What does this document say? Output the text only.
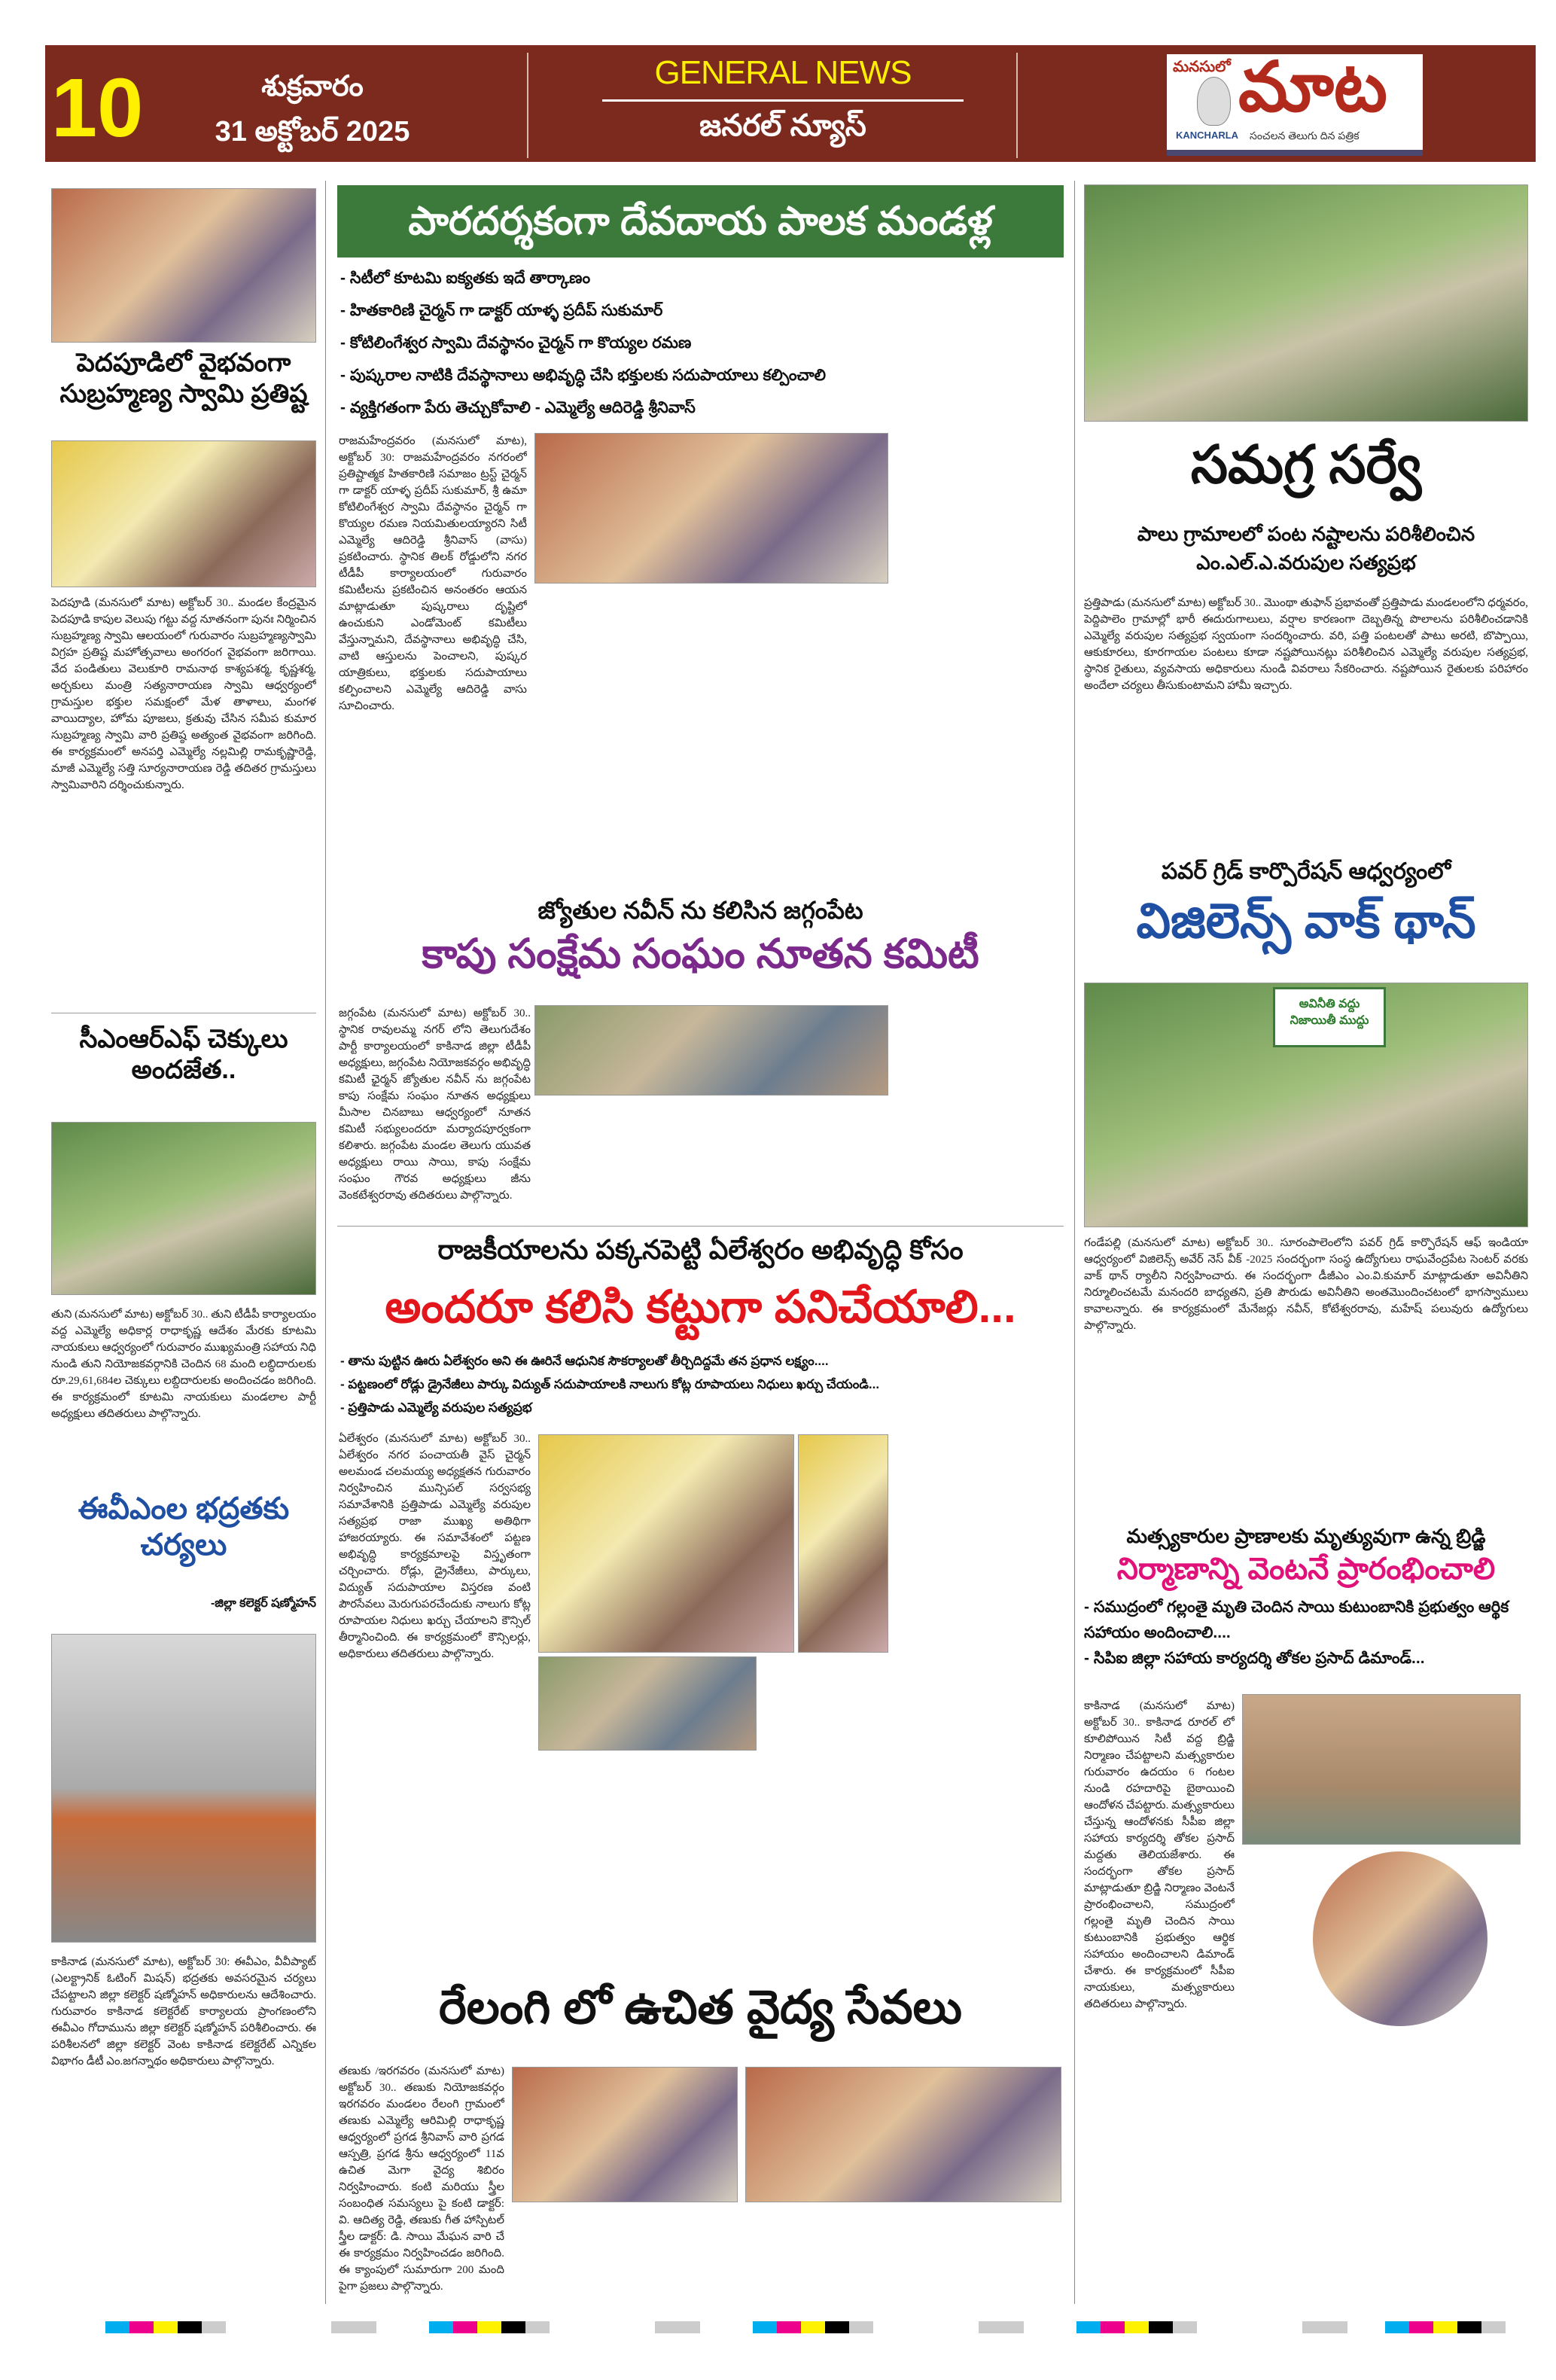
10	శుక్రవారం
31 అక్టోబర్ 2025
GENERAL NEWS
జనరల్ న్యూస్
మనసులో మాట
KANCHARLA సంచలన తెలుగు దిన పత్రిక
పెదపూడిలో వైభవంగా సుబ్రహ్మణ్య స్వామి ప్రతిష్ట
పెదపూడి (మనసులో మాట) అక్టోబర్ 30.. మండల కేంద్రమైన పెదపూడి కాపుల వెలుపు గట్టు వద్ద నూతనంగా పునః నిర్మించిన సుబ్రహ్మణ్య స్వామి ఆలయంలో గురువారం సుబ్రహ్మణ్యస్వామి విగ్రహ ప్రతిష్ట మహోత్సవాలు అంగరంగ వైభవంగా జరిగాయి. వేద పండితులు వెలుకూరి రామనాథ కాశ్యపశర్మ, కృష్ణశర్మ, అర్చకులు మంత్రి సత్యనారాయణ స్వామి ఆధ్వర్యంలో గ్రామస్తుల భక్తుల సమక్షంలో మేళ తాళాలు, మంగళ వాయిద్యాల, హోమ పూజలు, క్రతువు చేసిన సమీప కుమార సుబ్రహ్మణ్య స్వామి వారి ప్రతిష్ఠ అత్యంత వైభవంగా జరిగింది. ఈ కార్యక్రమంలో అనపర్తి ఎమ్మెల్యే నల్లమిల్లి రామకృష్ణారెడ్డి, మాజీ ఎమ్మెల్యే సత్తి సూర్యనారాయణ రెడ్డి తదితర గ్రామస్తులు స్వామివారిని దర్శించుకున్నారు.
సీఎంఆర్ఎఫ్ చెక్కులు అందజేత..
తుని (మనసులో మాట) అక్టోబర్ 30.. తుని టీడీపీ కార్యాలయం వద్ద ఎమ్మెల్యే అధికార్ల రాధాకృష్ణ ఆదేశం మేరకు కూటమి నాయకులు ఆధ్వర్యంలో గురువారం ముఖ్యమంత్రి సహాయ నిధి నుండి తుని నియోజకవర్గానికి చెందిన 68 మంది లబ్ధిదారులకు రూ.29,61,684ల చెక్కులు లబ్దిదారులకు అందించడం జరిగింది. ఈ కార్యక్రమంలో కూటమి నాయకులు మండలాల పార్టీ అధ్యక్షులు తదితరులు పాల్గొన్నారు.
ఈవీఎంల భద్రతకు చర్యలు
-జిల్లా కలెక్టర్ షణ్మోహన్
కాకినాడ (మనసులో మాట), అక్టోబర్ 30: ఈవీఎం, వీవీప్యాట్ (ఎలక్ట్రానిక్ ఓటింగ్ మిషన్) భద్రతకు అవసరమైన చర్యలు చేపట్టాలని జిల్లా కలెక్టర్ షణ్మోహన్ అధికారులను ఆదేశించారు. గురువారం కాకినాడ కలెక్టరేట్ కార్యాలయ ప్రాంగణంలోని ఈవీఎం గోదామును జిల్లా కలెక్టర్ షణ్మోహన్ పరిశీలించారు. ఈ పరిశీలనలో జిల్లా కలెక్టర్ వెంట కాకినాడ కలెక్టరేట్ ఎన్నికల విభాగం డీటీ ఎం.జగన్నాథం అధికారులు పాల్గొన్నారు.
పారదర్శకంగా దేవదాయ పాలక మండళ్ల కమిటీలు
- సిటీలో కూటమి ఐక్యతకు ఇదే తార్కాణం
- హితకారిణి చైర్మన్ గా డాక్టర్ యాళ్ళ ప్రదీప్ సుకుమార్
- కోటిలింగేశ్వర స్వామి దేవస్థానం చైర్మన్ గా కొయ్యల రమణ
- పుష్కరాల నాటికి దేవస్థానాలు అభివృద్ధి చేసి భక్తులకు సదుపాయాలు కల్పించాలి
- వ్యక్తిగతంగా పేరు తెచ్చుకోవాలి - ఎమ్మెల్యే ఆదిరెడ్డి శ్రీనివాస్
రాజమహేంద్రవరం (మనసులో మాట), అక్టోబర్ 30: రాజమహేంద్రవరం నగరంలో ప్రతిష్టాత్మక హితకారిణి సమాజం ట్రస్ట్ చైర్మన్ గా డాక్టర్ యాళ్ళ ప్రదీప్ సుకుమార్, శ్రీ ఉమా కోటిలింగేశ్వర స్వామి దేవస్థానం చైర్మన్ గా కొయ్యల రమణ నియమితులయ్యారని సిటీ ఎమ్మెల్యే ఆదిరెడ్డి శ్రీనివాస్ (వాసు) ప్రకటించారు. స్థానిక తిలక్ రోడ్డులోని నగర టీడీపీ కార్యాలయంలో గురువారం కమిటీలను ప్రకటించిన అనంతరం ఆయన మాట్లాడుతూ పుష్కరాలు దృష్టిలో ఉంచుకుని ఎండోమెంట్ కమిటీలు వేస్తున్నామని, దేవస్థానాలు అభివృద్ధి చేసి, వాటి ఆస్తులను పెంచాలని, పుష్కర యాత్రికులు, భక్తులకు సదుపాయాలు కల్పించాలని ఎమ్మెల్యే ఆదిరెడ్డి వాసు సూచించారు.
జ్యోతుల నవీన్ ను కలిసిన జగ్గంపేట
కాపు సంక్షేమ సంఘం నూతన కమిటీ
జగ్గంపేట (మనసులో మాట) అక్టోబర్ 30.. స్థానిక రావులమ్మ నగర్ లోని తెలుగుదేశం పార్టీ కార్యాలయంలో కాకినాడ జిల్లా టీడీపీ అధ్యక్షులు, జగ్గంపేట నియోజకవర్గం అభివృద్ధి కమిటీ ఛైర్మన్ జ్యోతుల నవీన్ ను జగ్గంపేట కాపు సంక్షేమ సంఘం నూతన అధ్యక్షులు మీసాల చినబాబు ఆధ్వర్యంలో నూతన కమిటీ సభ్యులందరూ మర్యాదపూర్వకంగా కలిశారు. జగ్గంపేట మండల తెలుగు యువత అధ్యక్షులు రాయి సాయి, కాపు సంక్షేమ సంఘం గౌరవ అధ్యక్షులు జీను వెంకటేశ్వరరావు తదితరులు పాల్గొన్నారు.
రాజకీయాలను పక్కనపెట్టి ఏలేశ్వరం అభివృద్ధి కోసం
అందరూ కలిసి కట్టుగా పనిచేయాలి...
- తాను పుట్టిన ఊరు ఏలేశ్వరం అని ఈ ఊరినే ఆధునిక సౌకర్యాలతో తీర్చిదిద్దమే తన ప్రధాన లక్ష్యం....
- పట్టణంలో రోడ్లు డ్రైనేజీలు పార్కు విద్యుత్ సదుపాయాలకి నాలుగు కోట్ల రూపాయలు నిధులు ఖర్చు చేయండి...
- ప్రత్తిపాడు ఎమ్మెల్యే వరుపుల సత్యప్రభ
ఏలేశ్వరం (మనసులో మాట) అక్టోబర్ 30.. ఏలేశ్వరం నగర పంచాయతీ వైస్ చైర్మన్ అలమండ చలమయ్య అధ్యక్షతన గురువారం నిర్వహించిన మున్సిపల్ సర్వసభ్య సమావేశానికి ప్రత్తిపాడు ఎమ్మెల్యే వరుపుల సత్యప్రభ రాజా ముఖ్య అతిథిగా హాజరయ్యారు. ఈ సమావేశంలో పట్టణ అభివృద్ధి కార్యక్రమాలపై విస్తృతంగా చర్చించారు. రోడ్లు, డ్రైనేజీలు, పార్కులు, విద్యుత్ సదుపాయాల విస్తరణ వంటి పౌరసేవలు మెరుగుపరచేందుకు నాలుగు కోట్ల రూపాయల నిధులు ఖర్చు చేయాలని కౌన్సిల్ తీర్మానించింది. ఈ కార్యక్రమంలో కౌన్సిలర్లు, అధికారులు తదితరులు పాల్గొన్నారు.
రేలంగి లో ఉచిత వైద్య సేవలు
తణుకు /ఇరగవరం (మనసులో మాట) అక్టోబర్ 30.. తణుకు నియోజకవర్గం ఇరగవరం మండలం రేలంగి గ్రామంలో తణుకు ఎమ్మెల్యే ఆరిమిల్లి రాధాకృష్ణ ఆధ్వర్యంలో ప్రగడ శ్రీనివాస్ వారి ప్రగడ ఆస్పత్రి, ప్రగడ శ్రీను ఆధ్వర్యంలో 11వ ఉచిత మెగా వైద్య శిబిరం నిర్వహించారు. కంటి మరియు స్త్రీల సంబంధిత సమస్యలు పై కంటి డాక్టర్: వి. ఆదిత్య రెడ్డి, తణుకు గీత హాస్పిటల్ స్త్రీల డాక్టర్: డి. సాయి మేఘన వారి చే ఈ కార్యక్రమం నిర్వహించడం జరిగింది. ఈ క్యాంపులో సుమారుగా 200 మంది పైగా ప్రజలు పాల్గొన్నారు.
సమగ్ర సర్వే
పాలు గ్రామాలలో పంట నష్టాలను పరిశీలించిన ఎం.ఎల్.ఎ.వరుపుల సత్యప్రభ
ప్రత్తిపాడు (మనసులో మాట) అక్టోబర్ 30.. మొంథా తుఫాన్ ప్రభావంతో ప్రత్తిపాడు మండలంలోని ధర్మవరం, పెద్దిపాలెం గ్రామాల్లో భారీ ఈదురుగాలులు, వర్షాల కారణంగా దెబ్బతిన్న పొలాలను పరిశీలించడానికి ఎమ్మెల్యే వరుపుల సత్యప్రభ స్వయంగా సందర్శించారు. వరి, పత్తి పంటలతో పాటు అరటి, బొప్పాయి, ఆకుకూరలు, కూరగాయల పంటలు కూడా నష్టపోయినట్లు పరిశీలించిన ఎమ్మెల్యే వరుపుల సత్యప్రభ, స్థానిక రైతులు, వ్యవసాయ అధికారులు నుండి వివరాలు సేకరించారు. నష్టపోయిన రైతులకు పరిహారం అందేలా చర్యలు తీసుకుంటామని హామీ ఇచ్చారు.
పవర్ గ్రిడ్ కార్పొరేషన్ ఆధ్వర్యంలో
విజిలెన్స్ వాక్ థాన్
అవినీతి వద్దు నిజాయితీ ముద్దు
గండేపల్లి (మనసులో మాట) అక్టోబర్ 30.. సూరంపాలెంలోని పవర్ గ్రిడ్ కార్పొరేషన్ ఆఫ్ ఇండియా ఆధ్వర్యంలో విజిలెన్స్ అవేర్ నెస్ వీక్ -2025 సందర్భంగా సంస్థ ఉద్యోగులు రాఘవేంద్రపేట సెంటర్ వరకు వాక్ థాన్ ర్యాలీని నిర్వహించారు. ఈ సందర్భంగా డీజీఎం ఎం.వి.కుమార్ మాట్లాడుతూ అవినీతిని నిర్మూలించటమే మనందరి బాధ్యతని, ప్రతి పౌరుడు అవినీతిని అంతమొందించటంలో భాగస్వాములు కావాలన్నారు. ఈ కార్యక్రమంలో మేనేజర్లు నవీన్, కోటేశ్వరరావు, మహేష్ పలువురు ఉద్యోగులు పాల్గొన్నారు.
మత్స్యకారుల ప్రాణాలకు మృత్యువుగా ఉన్న బ్రిడ్జి
నిర్మాణాన్ని వెంటనే ప్రారంభించాలి
- సముద్రంలో గల్లంతై మృతి చెందిన సాయి కుటుంబానికి ప్రభుత్వం ఆర్థిక సహాయం అందించాలి....
- సిపిఐ జిల్లా సహాయ కార్యదర్శి తోకల ప్రసాద్ డిమాండ్...
కాకినాడ (మనసులో మాట) అక్టోబర్ 30.. కాకినాడ రూరల్ లో కూలిపోయిన సిటీ వద్ద బ్రిడ్జి నిర్మాణం చేపట్టాలని మత్స్యకారుల గురువారం ఉదయం 6 గంటల నుండి రహదారిపై బైఠాయించి ఆందోళన చేపట్టారు. మత్స్యకారులు చేస్తున్న ఆందోళనకు సీపీఐ జిల్లా సహాయ కార్యదర్శి తోకల ప్రసాద్ మద్దతు తెలియజేశారు. ఈ సందర్భంగా తోకల ప్రసాద్ మాట్లాడుతూ బ్రిడ్జి నిర్మాణం వెంటనే ప్రారంభించాలని, సముద్రంలో గల్లంతై మృతి చెందిన సాయి కుటుంబానికి ప్రభుత్వం ఆర్థిక సహాయం అందించాలని డిమాండ్ చేశారు. ఈ కార్యక్రమంలో సీపీఐ నాయకులు, మత్స్యకారులు తదితరులు పాల్గొన్నారు.
